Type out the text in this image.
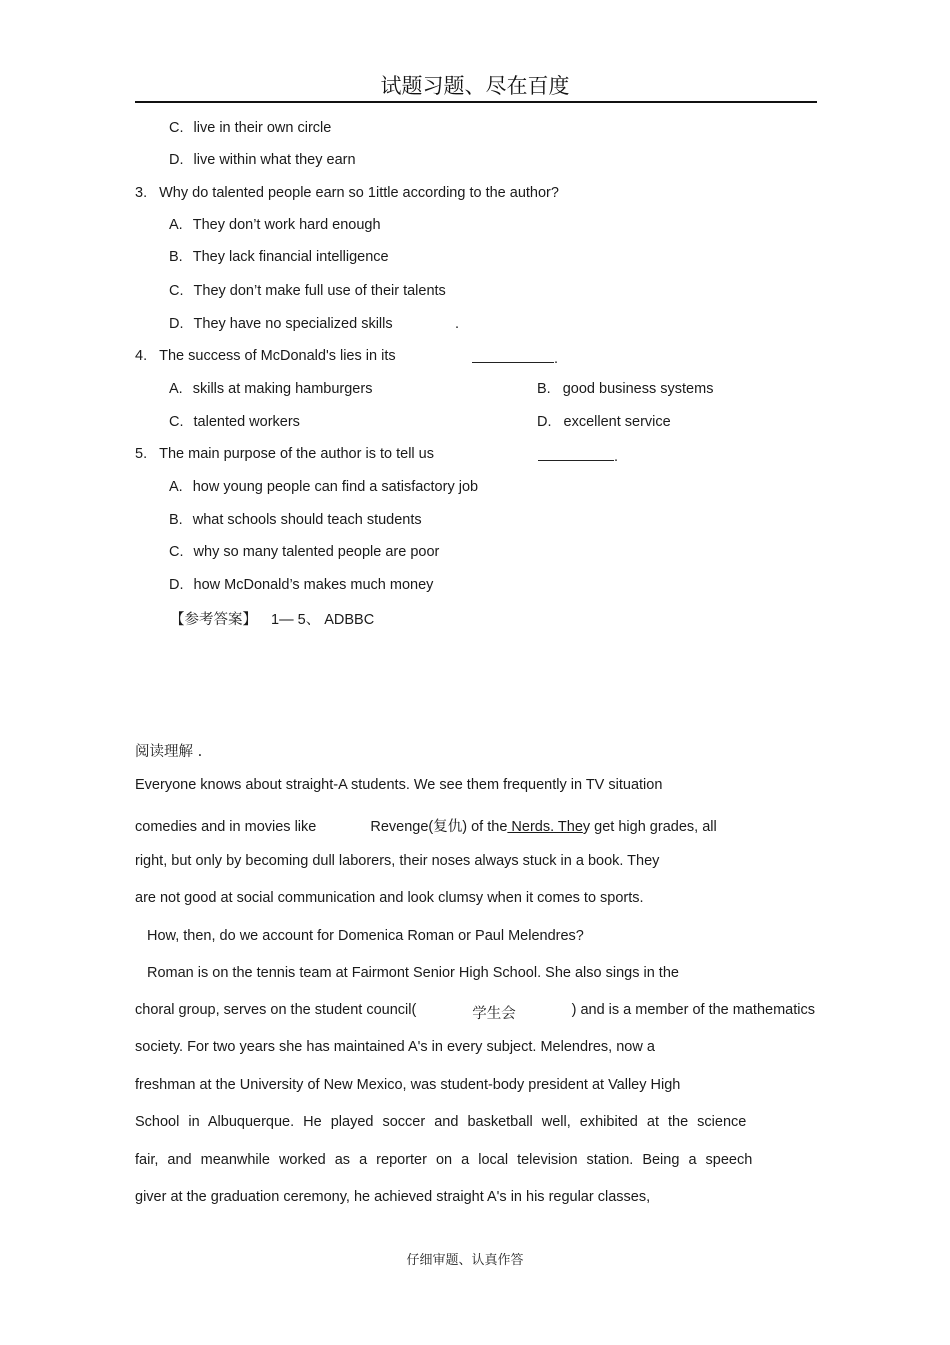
试题习题、尽在百度
C. live in their own circle
D. live within what they earn
3. Why do talented people earn so 1ittle according to the author?
A. They don’t work hard enough
B. They lack financial intelligence
C. They don’t make full use of their talents
D. They have no specialized skills	.
4. The success of McDonald's lies in its	.
A. skills at making hamburgers	B. good business systems
C. talented workers	D. excellent service
5. The main purpose of the author is to tell us	.
A. how young people can find a satisfactory job
B. what schools should teach students
C. why so many talented people are poor
D. how McDonald’s makes much money
【参考答案】 1— 5、 ADBBC
阅读理解 .
Everyone knows about straight-A students. We see them frequently in TV situation
comedies and in movies like	Revenge(复仇) of the Nerds. They get high grades, all
right, but only by becoming dull laborers, their noses always stuck in a book. They
are not good at social communication and look clumsy when it comes to sports.
How, then, do we account for Domenica Roman or Paul Melendres?
Roman is on the tennis team at Fairmont Senior High School. She also sings in the
choral group, serves on the student council(	学生会	) and is a member of the mathematics
society. For two years she has maintained A's in every subject. Melendres, now a
freshman at the University of New Mexico, was student-body president at Valley High
School in Albuquerque. He played soccer and basketball well, exhibited at the science
fair, and meanwhile worked as a reporter on a local television station. Being a speech
giver at the graduation ceremony, he achieved straight A's in his regular classes,
仔细审题、认真作答
